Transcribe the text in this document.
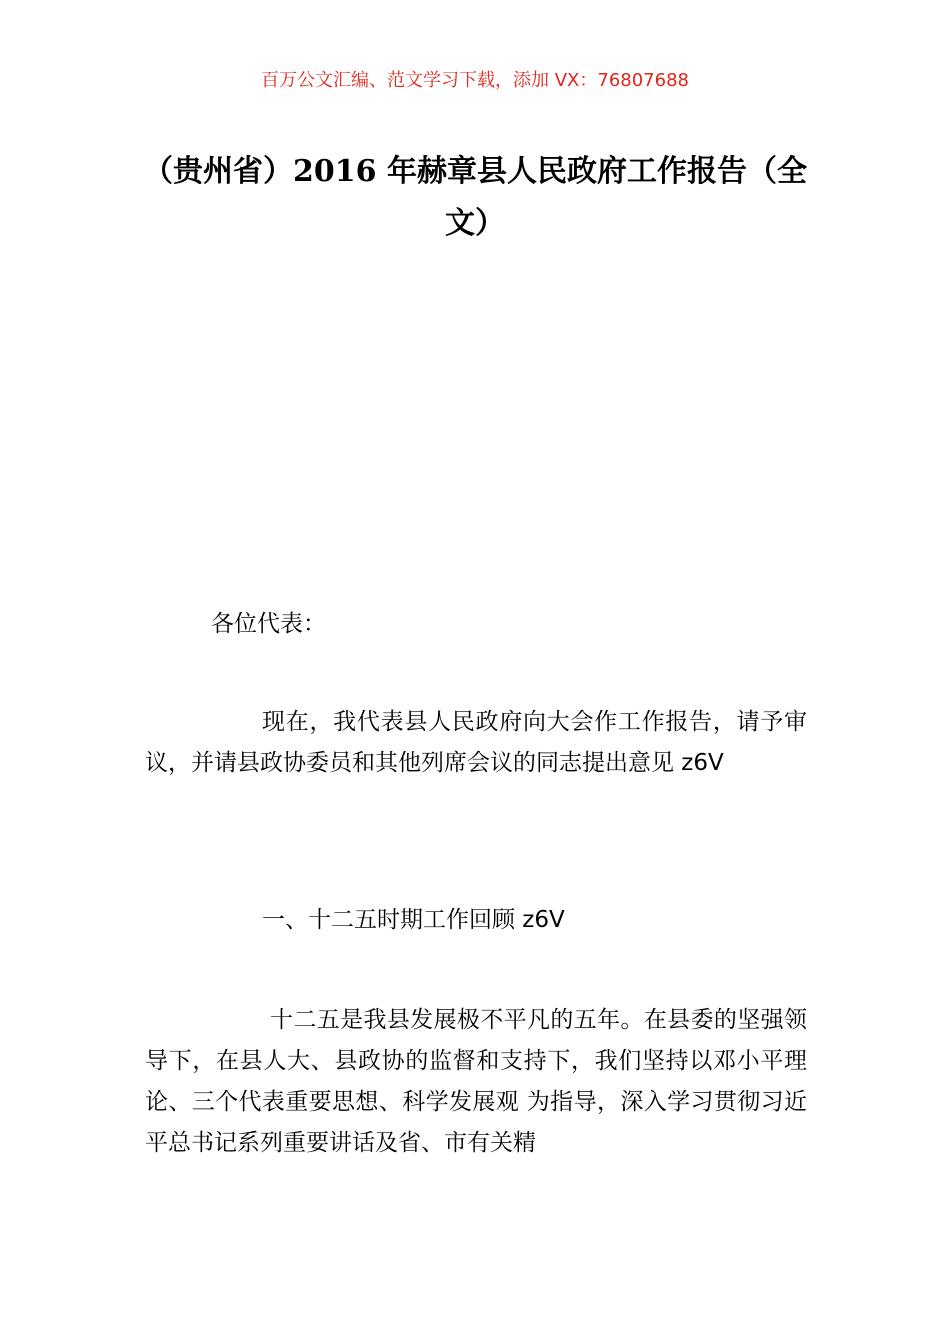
百万公文汇编、范文学习下载，添加 VX：76807688
（贵州省）2016 年赫章县人民政府工作报告（全文）

各位代表：

现在，我代表县人民政府向大会作工作报告，请予审议，并请县政协委员和其他列席会议的同志提出意见 z6V

一、十二五时期工作回顾 z6V

十二五是我县发展极不平凡的五年。在县委的坚强领导下，在县人大、县政协的监督和支持下，我们坚持以邓小平理论、三个代表重要思想、科学发展观 为指导，深入学习贯彻习近平总书记系列重要讲话及省、市有关精
